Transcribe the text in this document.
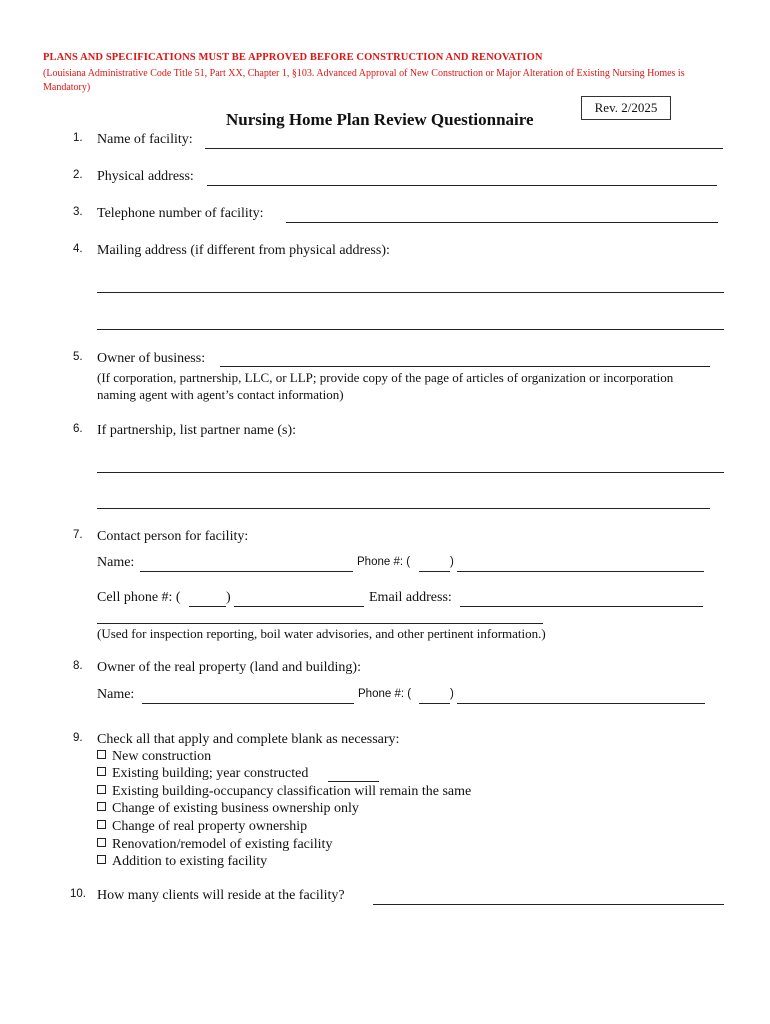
PLANS AND SPECIFICATIONS MUST BE APPROVED BEFORE CONSTRUCTION AND RENOVATION
(Louisiana Administrative Code Title 51, Part XX, Chapter 1, §103. Advanced Approval of New Construction or Major Alteration of Existing Nursing Homes is Mandatory)
Rev. 2/2025
Nursing Home Plan Review Questionnaire
1.	Name of facility:
2.	Physical address:
3.	Telephone number of facility:
4.	Mailing address (if different from physical address):
5.	Owner of business:
(If corporation, partnership, LLC, or LLP; provide copy of the page of articles of organization or incorporation
naming agent with agent’s contact information)
6.	If partnership, list partner name (s):
7.	Contact person for facility:
Name:	Phone #: (	)
Cell phone #: (	)	Email address:
(Used for inspection reporting, boil water advisories, and other pertinent information.)
8.	Owner of the real property (land and building):
Name:	Phone #: (	)
9.	Check all that apply and complete blank as necessary:
New construction
Existing building; year constructed
Existing building-occupancy classification will remain the same
Change of existing business ownership only
Change of real property ownership
Renovation/remodel of existing facility
Addition to existing facility
10. How many clients will reside at the facility?
